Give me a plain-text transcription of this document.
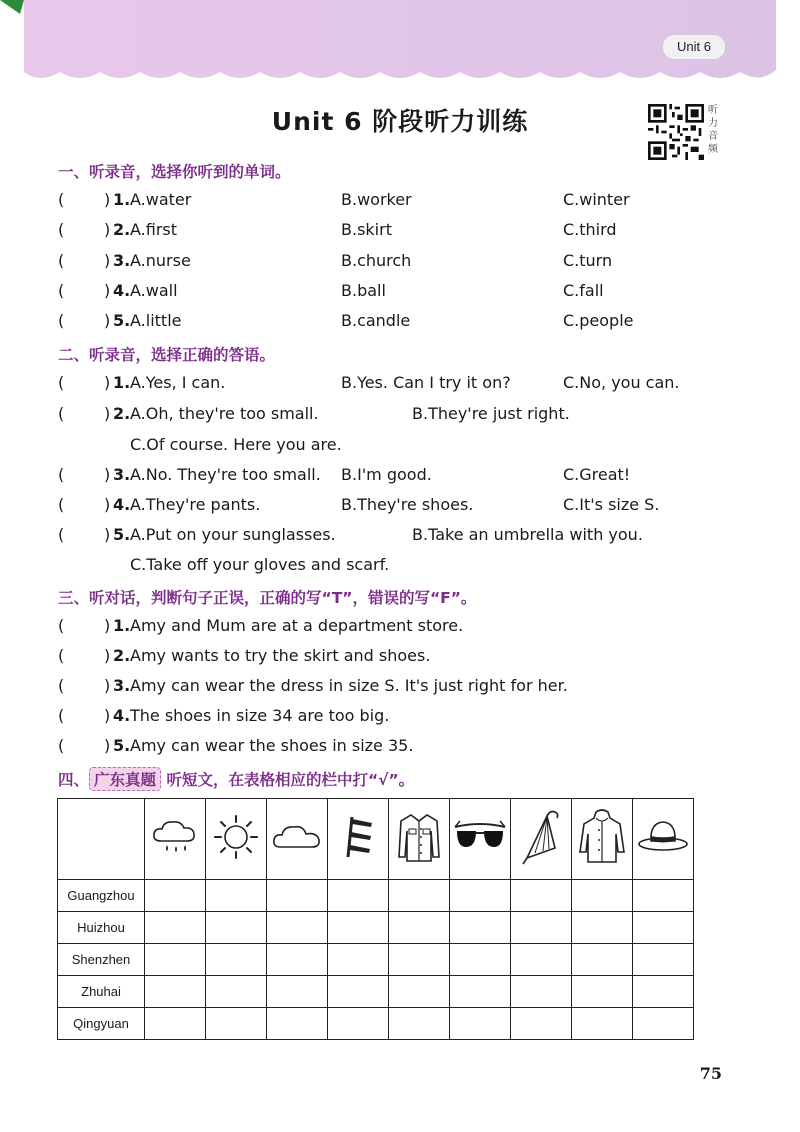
Unit 6
Unit 6 阶段听力训练	听力音频
一、听录音，选择你听到的单词。
( ) 1. A.water	B.worker	C.winter
( ) 2. A.first	B.skirt	C.third
( ) 3. A.nurse	B.church	C.turn
( ) 4. A.wall	B.ball	C.fall
( ) 5. A.little	B.candle	C.people
二、听录音，选择正确的答语。
( ) 1. A.Yes, I can.	B.Yes. Can I try it on?	C.No, you can.
( ) 2. A.Oh, they're too small.	B.They're just right.
C.Of course. Here you are.
( ) 3. A.No. They're too small. B.I'm good.	C.Great!
( ) 4. A.They're pants.	B.They're shoes.	C.It's size S.
( ) 5. A.Put on your sunglasses.	B.Take an umbrella with you.
C.Take off your gloves and scarf.
三、听对话，判断句子正误，正确的写“T”，错误的写“F”。
( ) 1. Amy and Mum are at a department store.
( ) 2. Amy wants to try the skirt and shoes.
( ) 3. Amy can wear the dress in size S. It's just right for her.
( ) 4. The shoes in size 34 are too big.
( ) 5. Amy can wear the shoes in size 35.
四、 广东真题 听短文，在表格相应的栏中打“√”。

Guangzhou									
Huizhou									
Shenzhen									
Zhuhai									
Qingyuan									
75
